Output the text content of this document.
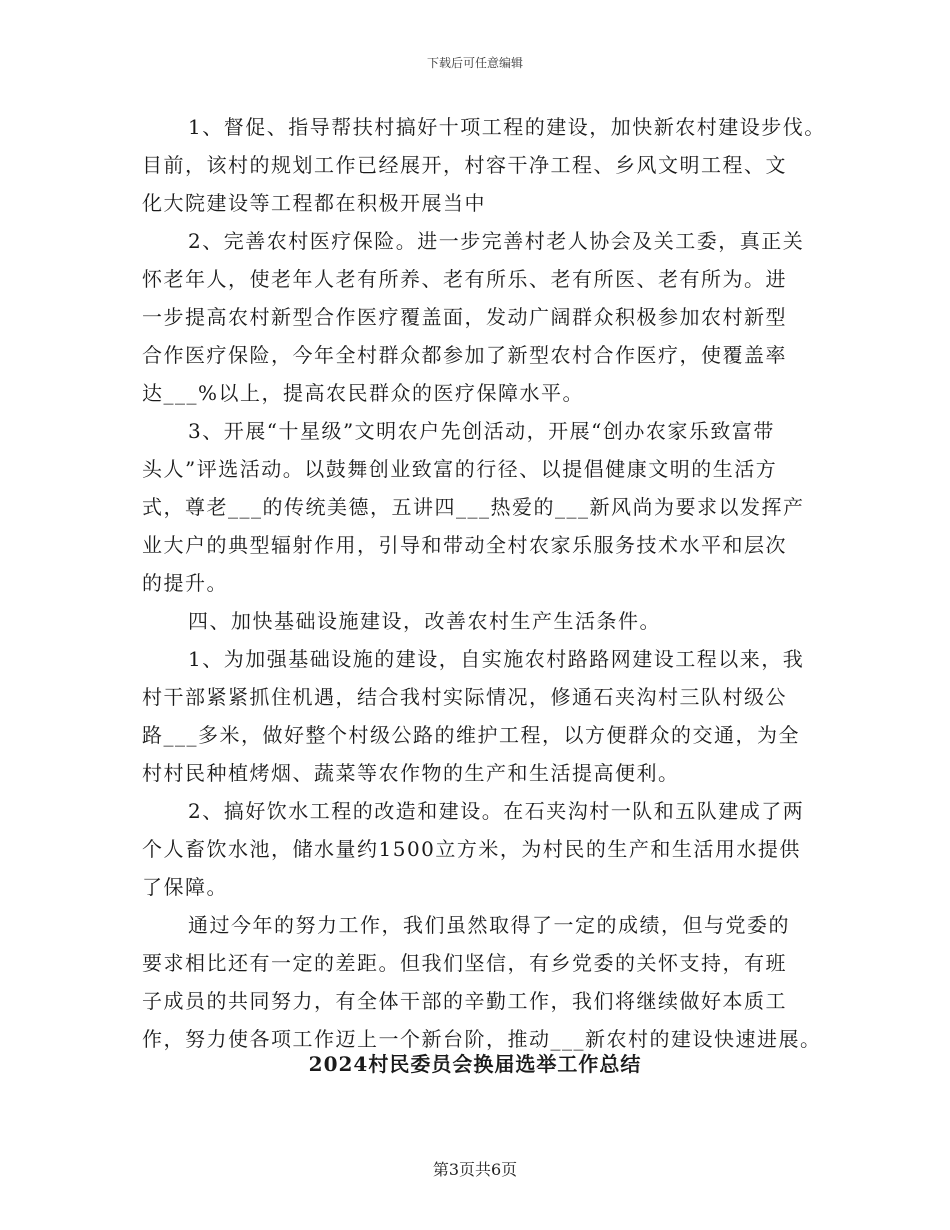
下载后可任意编辑
1、督促、指导帮扶村搞好十项工程的建设，加快新农村建设步伐。
目前，该村的规划工作已经展开，村容干净工程、乡风文明工程、文
化大院建设等工程都在积极开展当中
2、完善农村医疗保险。进一步完善村老人协会及关工委，真正关
怀老年人，使老年人老有所养、老有所乐、老有所医、老有所为。进
一步提高农村新型合作医疗覆盖面，发动广阔群众积极参加农村新型
合作医疗保险，今年全村群众都参加了新型农村合作医疗，使覆盖率
达___%以上，提高农民群众的医疗保障水平。
3、开展“十星级”文明农户先创活动，开展“创办农家乐致富带
头人”评选活动。以鼓舞创业致富的行径、以提倡健康文明的生活方
式，尊老___的传统美德，五讲四___热爱的___新风尚为要求以发挥产
业大户的典型辐射作用，引导和带动全村农家乐服务技术水平和层次
的提升。
四、加快基础设施建设，改善农村生产生活条件。
1、为加强基础设施的建设，自实施农村路路网建设工程以来，我
村干部紧紧抓住机遇，结合我村实际情况，修通石夹沟村三队村级公
路___多米，做好整个村级公路的维护工程，以方便群众的交通，为全
村村民种植烤烟、蔬菜等农作物的生产和生活提高便利。
2、搞好饮水工程的改造和建设。在石夹沟村一队和五队建成了两
个人畜饮水池，储水量约1500立方米，为村民的生产和生活用水提供
了保障。
通过今年的努力工作，我们虽然取得了一定的成绩，但与党委的
要求相比还有一定的差距。但我们坚信，有乡党委的关怀支持，有班
子成员的共同努力，有全体干部的辛勤工作，我们将继续做好本质工
作，努力使各项工作迈上一个新台阶，推动___新农村的建设快速进展。
2024村民委员会换届选举工作总结
第3页共6页
